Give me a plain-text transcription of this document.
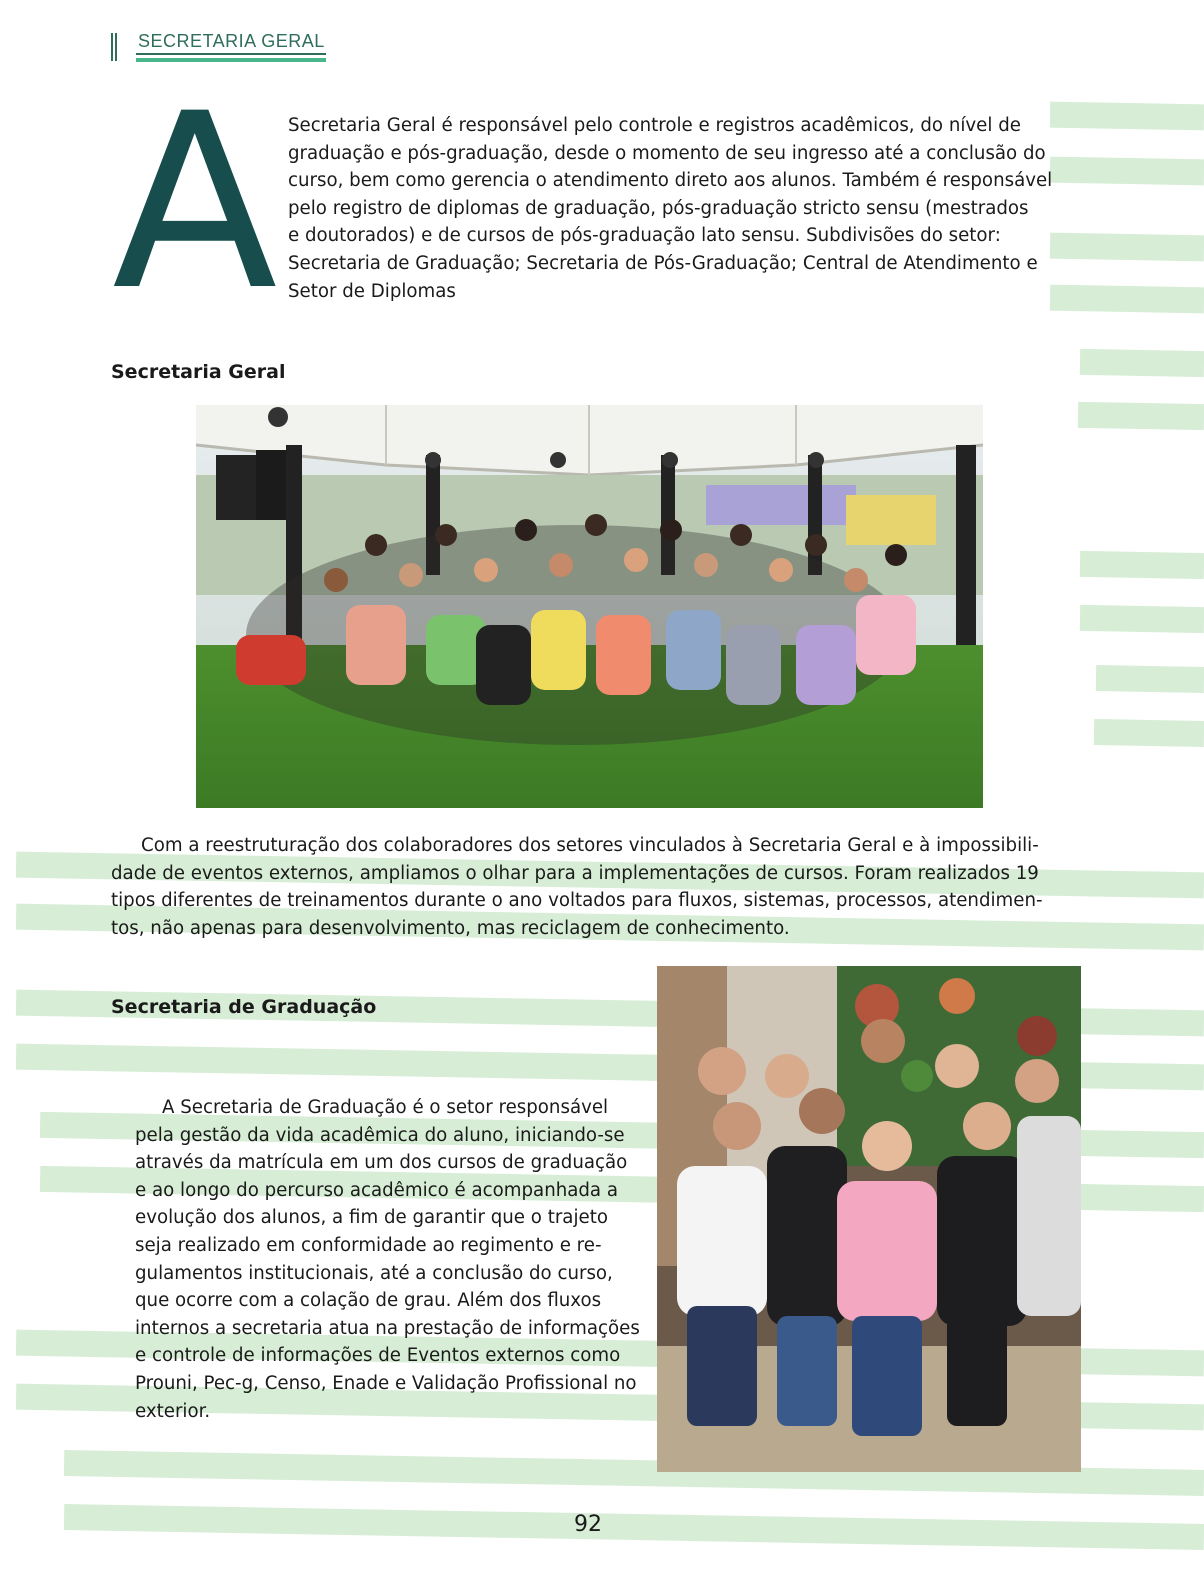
SECRETARIA GERAL
A Secretaria Geral é responsável pelo controle e registros acadêmicos, do nível de
graduação e pós-graduação, desde o momento de seu ingresso até a conclusão do
curso, bem como gerencia o atendimento direto aos alunos. Também é responsável
pelo registro de diplomas de graduação, pós-graduação stricto sensu (mestrados
e doutorados) e de cursos de pós-graduação lato sensu. Subdivisões do setor:
Secretaria de Graduação; Secretaria de Pós-Graduação; Central de Atendimento e
Setor de Diplomas

Secretaria Geral

Com a reestruturação dos colaboradores dos setores vinculados à Secretaria Geral e à impossibili-
dade de eventos externos, ampliamos o olhar para a implementações de cursos. Foram realizados 19
tipos diferentes de treinamentos durante o ano voltados para fluxos, sistemas, processos, atendimen-
tos, não apenas para desenvolvimento, mas reciclagem de conhecimento.

Secretaria de Graduação

A Secretaria de Graduação é o setor responsável
pela gestão da vida acadêmica do aluno, iniciando-se
através da matrícula em um dos cursos de graduação
e ao longo do percurso acadêmico é acompanhada a
evolução dos alunos, a fim de garantir que o trajeto
seja realizado em conformidade ao regimento e re-
gulamentos institucionais, até a conclusão do curso,
que ocorre com a colação de grau. Além dos fluxos
internos a secretaria atua na prestação de informações
e controle de informações de Eventos externos como
Prouni, Pec-g, Censo, Enade e Validação Profissional no
exterior.

92
